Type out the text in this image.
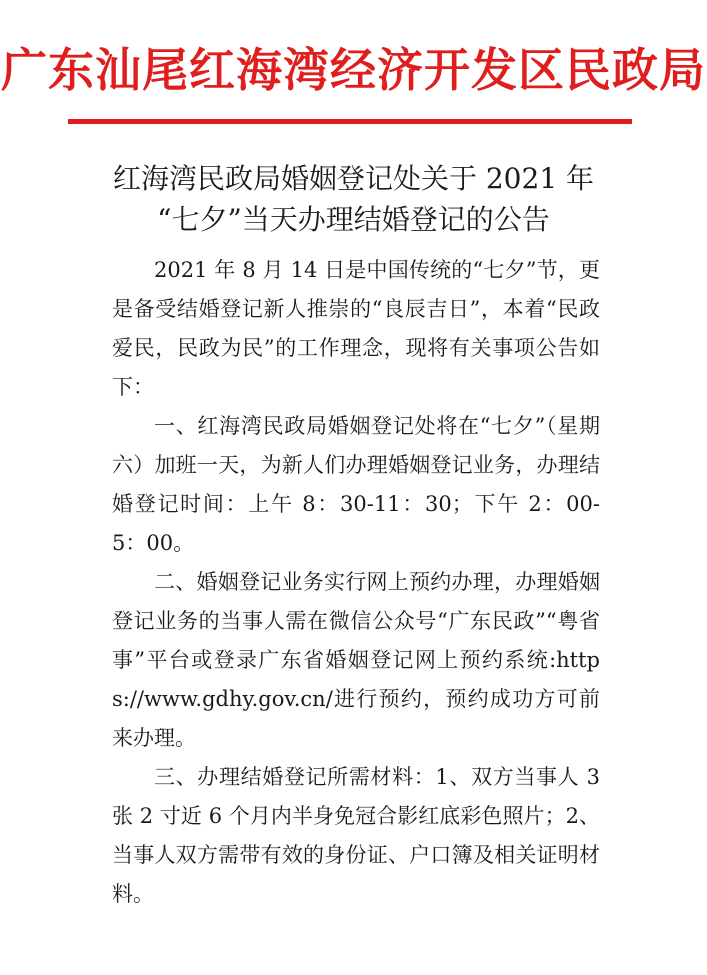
广东汕尾红海湾经济开发区民政局
红海湾民政局婚姻登记处关于 2021 年
“七夕”当天办理结婚登记的公告

2021 年 8 月 14 日是中国传统的“七夕”节，更是备受结婚登记新人推崇的“良辰吉日”，本着“民政爱民，民政为民”的工作理念，现将有关事项公告如下：

一、红海湾民政局婚姻登记处将在“七夕”（星期六）加班一天，为新人们办理婚姻登记业务，办理结婚登记时间：上午 8：30-11：30；下午 2：00-5：00。

二、婚姻登记业务实行网上预约办理，办理婚姻登记业务的当事人需在微信公众号“广东民政”“粤省事”平台或登录广东省婚姻登记网上预约系统:https://www.gdhy.gov.cn/进行预约，预约成功方可前来办理。

三、办理结婚登记所需材料：1、双方当事人 3 张 2 寸近 6 个月内半身免冠合影红底彩色照片；2、当事人双方需带有效的身份证、户口簿及相关证明材料。
